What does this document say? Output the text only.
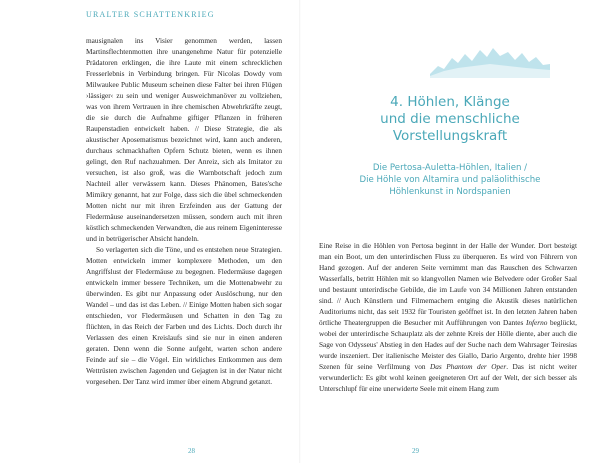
URALTER SCHATTENKRIEG

mausignalen ins Visier genommen werden, lassen Martinsflechtenmotten ihre unangenehme Natur für potenzielle Prädatoren erklingen, die ihre Laute mit einem schrecklichen Fresserlebnis in Verbindung bringen. Für Nicolas Dowdy vom Milwaukee Public Museum scheinen diese Falter bei ihren Flügen ›lässiger‹ zu sein und weniger Ausweichmanöver zu vollziehen, was von ihrem Vertrauen in ihre chemischen Abwehrkräfte zeugt, die sie durch die Aufnahme giftiger Pflanzen in früheren Raupenstadien entwickelt haben. // Diese Strategie, die als akustischer Aposematismus bezeichnet wird, kann auch anderen, durchaus schmackhaften Opfern Schutz bieten, wenn es ihnen gelingt, den Ruf nachzuahmen. Der Anreiz, sich als Imitator zu versuchen, ist also groß, was die Warnbotschaft jedoch zum Nachteil aller verwässern kann. Dieses Phänomen, Bates'sche Mimikry genannt, hat zur Folge, dass sich die übel schmeckenden Motten nicht nur mit ihren Erzfeinden aus der Gattung der Fledermäuse auseinandersetzen müssen, sondern auch mit ihren köstlich schmeckenden Verwandten, die aus reinem Eigeninteresse und in betrügerischer Absicht handeln.

So verlagerten sich die Töne, und es entstehen neue Strategien. Motten entwickeln immer komplexere Methoden, um den Angriffslust der Fledermäuse zu begegnen. Fledermäuse dagegen entwickeln immer bessere Techniken, um die Mottenabwehr zu überwinden. Es gibt nur Anpassung oder Auslöschung, nur den Wandel – und das ist das Leben. // Einige Motten haben sich sogar entschieden, vor Fledermäusen und Schatten in den Tag zu flüchten, in das Reich der Farben und des Lichts. Doch durch ihr Verlassen des einen Kreislaufs sind sie nur in einen anderen geraten. Denn wenn die Sonne aufgeht, warten schon andere Feinde auf sie – die Vögel. Ein wirkliches Entkommen aus dem Wettrüsten zwischen Jagenden und Gejagten ist in der Natur nicht vorgesehen. Der Tanz wird immer über einem Abgrund getanzt.

28
4. Höhlen, Klänge
und die menschliche
Vorstellungskraft
Die Pertosa-Auletta-Höhlen, Italien /
Die Höhle von Altamira und paläolithische
Höhlenkunst in Nordspanien

Eine Reise in die Höhlen von Pertosa beginnt in der Halle der Wunder. Dort besteigt man ein Boot, um den unterirdischen Fluss zu überqueren. Es wird von Führern von Hand gezogen. Auf der anderen Seite vernimmt man das Rauschen des Schwarzen Wasserfalls, betritt Höhlen mit so klangvollen Namen wie Belvedere oder Großer Saal und bestaunt unterirdische Gebilde, die im Laufe von 34 Millionen Jahren entstanden sind. // Auch Künstlern und Filmemachern entging die Akustik dieses natürlichen Auditoriums nicht, das seit 1932 für Touristen geöffnet ist. In den letzten Jahren haben örtliche Theatergruppen die Besucher mit Aufführungen von Dantes Inferno beglückt, wobei der unterirdische Schauplatz als der zehnte Kreis der Hölle diente, aber auch die Sage von Odysseus' Abstieg in den Hades auf der Suche nach dem Wahrsager Teiresias wurde inszeniert. Der italienische Meister des Giallo, Dario Argento, drehte hier 1998 Szenen für seine Verfilmung von Das Phantom der Oper. Das ist nicht weiter verwunderlich: Es gibt wohl keinen geeigneteren Ort auf der Welt, der sich besser als Unterschlupf für eine unerwiderte Seele mit einem Hang zum

29
